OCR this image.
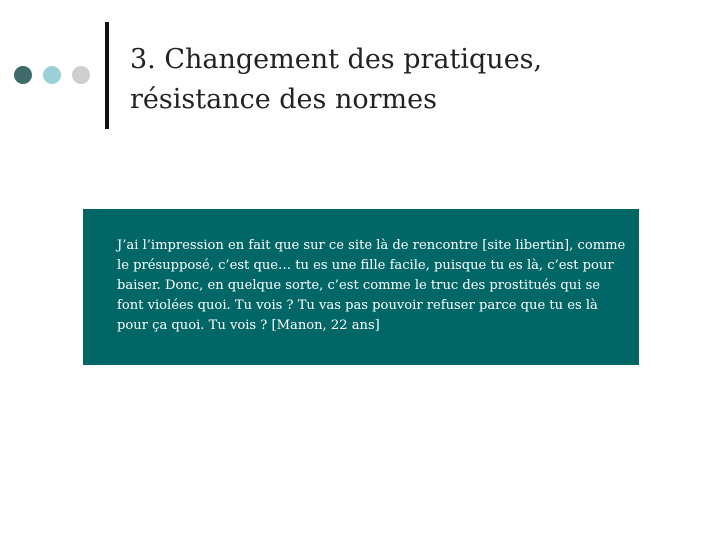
3. Changement des pratiques, résistance des normes

J’ai l’impression en fait que sur ce site là de rencontre [site libertin], comme le présupposé, c’est que… tu es une fille facile, puisque tu es là, c’est pour baiser. Donc, en quelque sorte, c’est comme le truc des prostitués qui se font violées quoi. Tu vois ? Tu vas pas pouvoir refuser parce que tu es là pour ça quoi. Tu vois ? [Manon, 22 ans]
